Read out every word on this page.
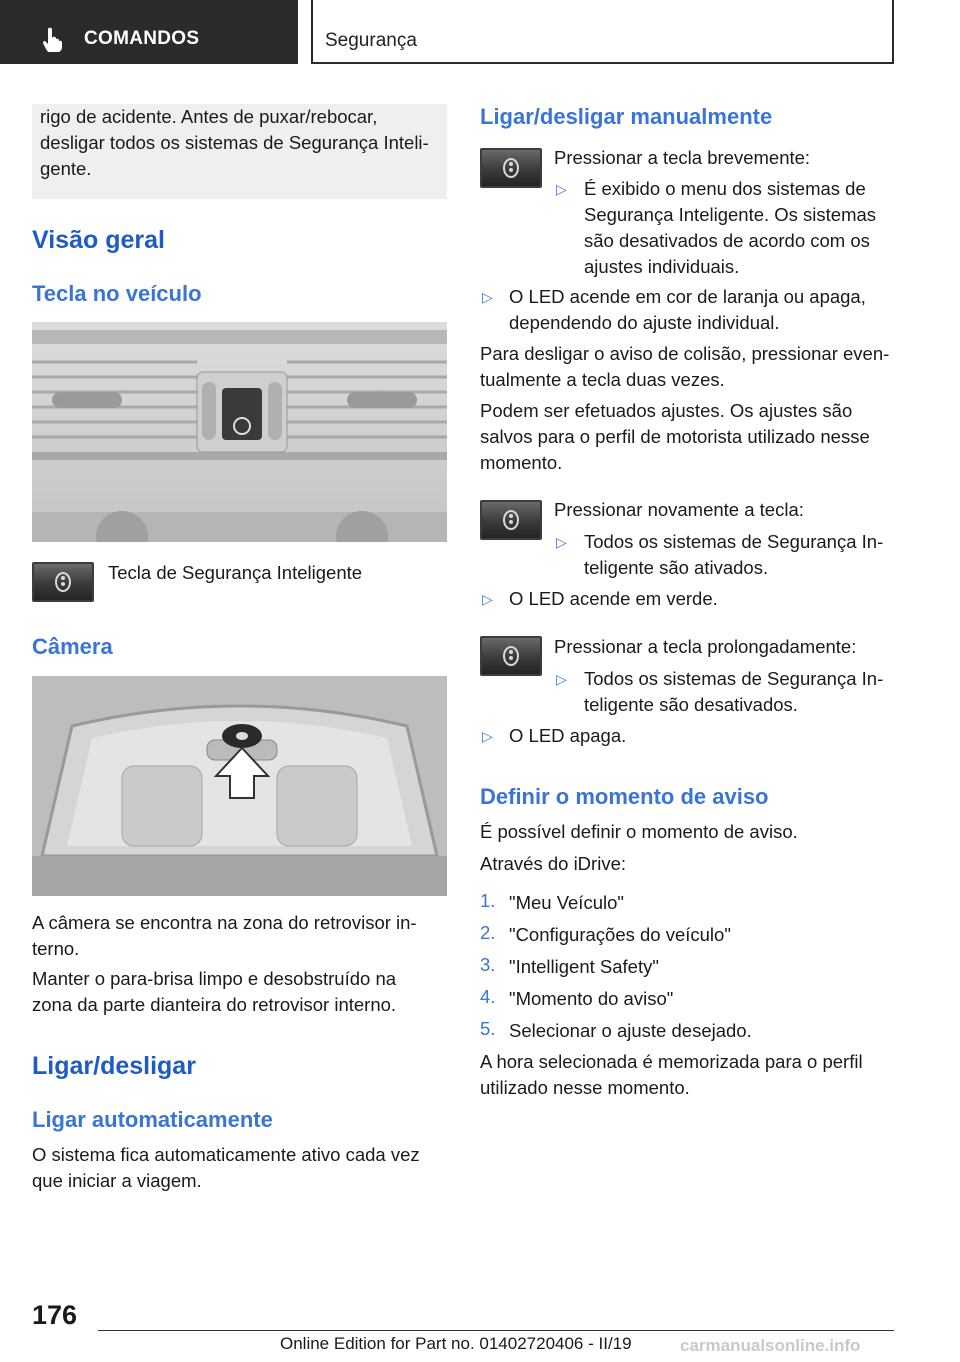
COMANDOS	Segurança

rigo de acidente. Antes de puxar/rebocar,

desligar todos os sistemas de Segurança Inteli-

gente.

Visão geral
Tecla no veículo

Tecla de Segurança Inteligente

Câmera

A câmera se encontra na zona do retrovisor in-

terno.

Manter o para-brisa limpo e desobstruído na

zona da parte dianteira do retrovisor interno.

Ligar/desligar
Ligar automaticamente

O sistema fica automaticamente ativo cada vez

que iniciar a viagem.

Ligar/desligar manualmente

Pressionar a tecla brevemente:

▷ É exibido o menu dos sistemas de

Segurança Inteligente. Os sistemas

são desativados de acordo com os

ajustes individuais.

▷ O LED acende em cor de laranja ou apaga,

dependendo do ajuste individual.

Para desligar o aviso de colisão, pressionar even-

tualmente a tecla duas vezes.

Podem ser efetuados ajustes. Os ajustes são

salvos para o perfil de motorista utilizado nesse

momento.

Pressionar novamente a tecla:

▷ Todos os sistemas de Segurança In-

teligente são ativados.

▷ O LED acende em verde.

Pressionar a tecla prolongadamente:

▷ Todos os sistemas de Segurança In-

teligente são desativados.

▷ O LED apaga.

Definir o momento de aviso

É possível definir o momento de aviso.

Através do iDrive:

1. "Meu Veículo"

2. "Configurações do veículo"

3. "Intelligent Safety"

4. "Momento do aviso"

5. Selecionar o ajuste desejado.

A hora selecionada é memorizada para o perfil

utilizado nesse momento.

176
Online Edition for Part no. 01402720406 - II/19	carmanualsonline.info
